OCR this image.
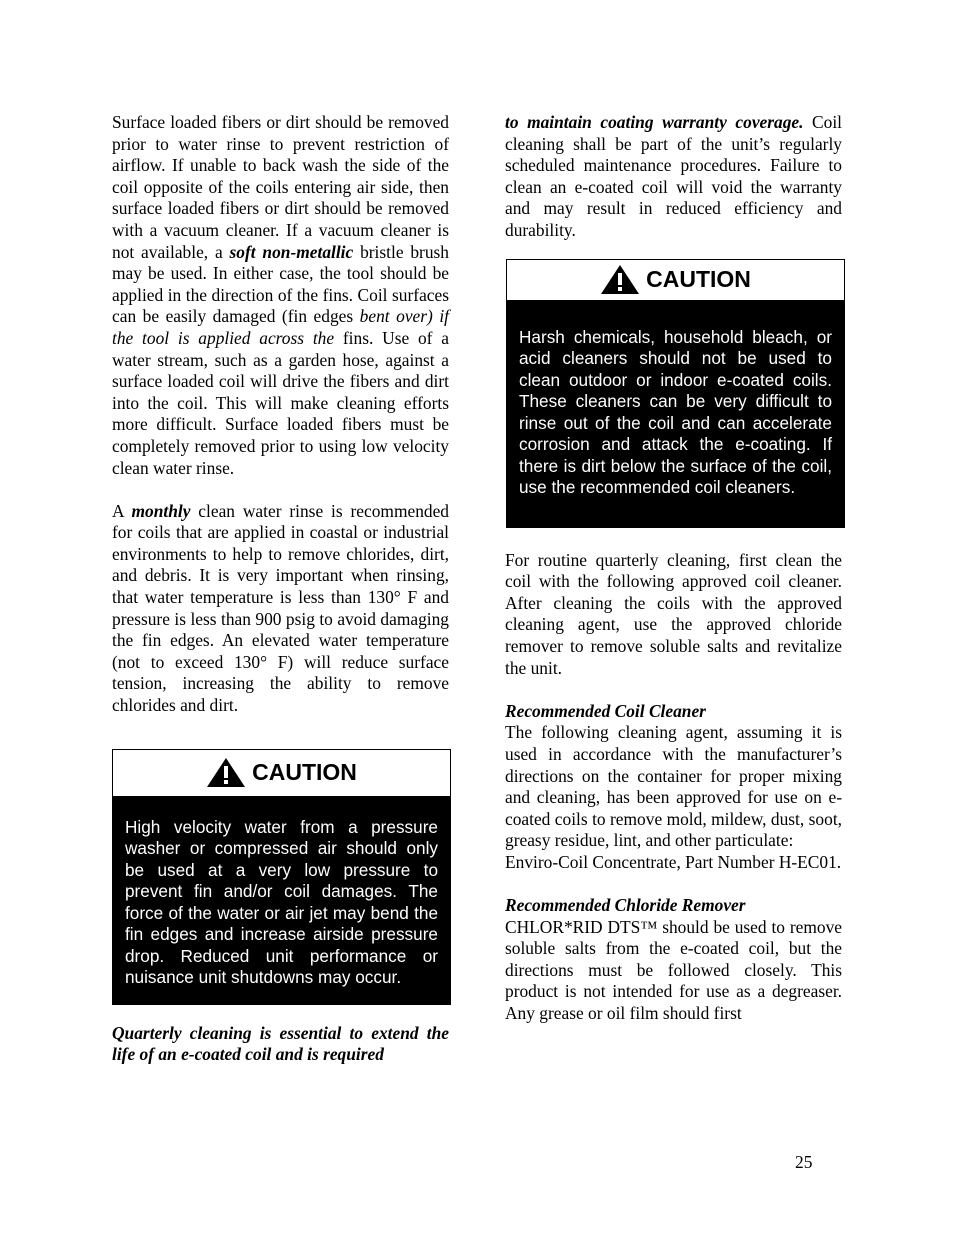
Surface loaded fibers or dirt should be removed prior to water rinse to prevent restriction of airflow. If unable to back wash the side of the coil opposite of the coils entering air side, then surface loaded fibers or dirt should be removed with a vacuum cleaner. If a vacuum cleaner is not available, a soft non-metallic bristle brush may be used. In either case, the tool should be applied in the direction of the fins. Coil surfaces can be easily damaged (fin edges bent over) if the tool is applied across the fins. Use of a water stream, such as a garden hose, against a surface loaded coil will drive the fibers and dirt into the coil. This will make cleaning efforts more difficult. Surface loaded fibers must be completely removed prior to using low velocity clean water rinse.

A monthly clean water rinse is recommended for coils that are applied in coastal or industrial environments to help to remove chlorides, dirt, and debris. It is very important when rinsing, that water temperature is less than 130° F and pressure is less than 900 psig to avoid damaging the fin edges. An elevated water temperature (not to exceed 130° F) will reduce surface tension, increasing the ability to remove chlorides and dirt.

CAUTION
High velocity water from a pressure washer or compressed air should only be used at a very low pressure to prevent fin and/or coil damages. The force of the water or air jet may bend the fin edges and increase airside pressure drop. Reduced unit performance or nuisance unit shutdowns may occur.

Quarterly cleaning is essential to extend the life of an e-coated coil and is required

to maintain coating warranty coverage. Coil cleaning shall be part of the unit’s regularly scheduled maintenance procedures. Failure to clean an e-coated coil will void the warranty and may result in reduced efficiency and durability.

CAUTION
Harsh chemicals, household bleach, or acid cleaners should not be used to clean outdoor or indoor e-coated coils. These cleaners can be very difficult to rinse out of the coil and can accelerate corrosion and attack the e-coating. If there is dirt below the surface of the coil, use the recommended coil cleaners.

For routine quarterly cleaning, first clean the coil with the following approved coil cleaner. After cleaning the coils with the approved cleaning agent, use the approved chloride remover to remove soluble salts and revitalize the unit.

Recommended Coil Cleaner
The following cleaning agent, assuming it is used in accordance with the manufacturer’s directions on the container for proper mixing and cleaning, has been approved for use on e-coated coils to remove mold, mildew, dust, soot, greasy residue, lint, and other particulate:
Enviro-Coil Concentrate, Part Number H-EC01.

Recommended Chloride Remover
CHLOR*RID DTS™ should be used to remove soluble salts from the e-coated coil, but the directions must be followed closely. This product is not intended for use as a degreaser. Any grease or oil film should first

25
